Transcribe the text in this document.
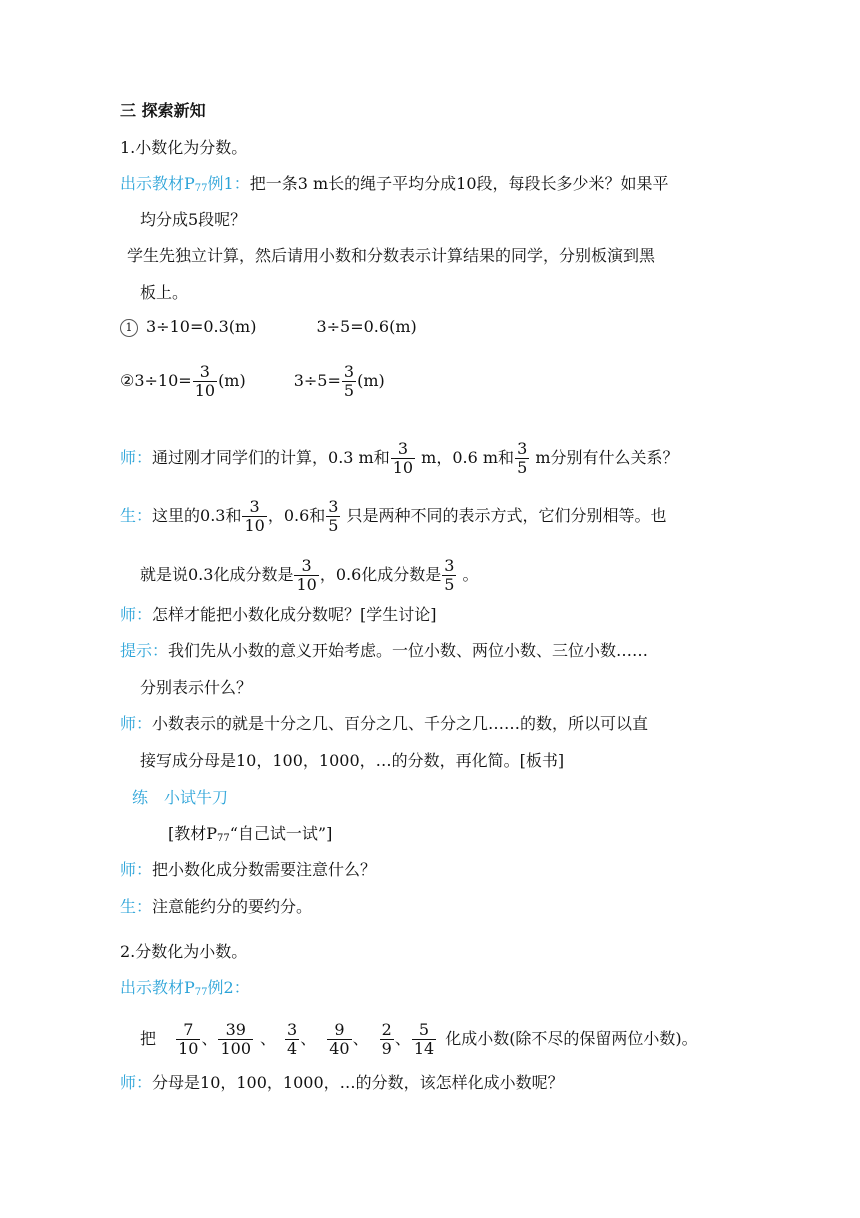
三 探索新知
1.小数化为分数。
出示教材$P_{77}$例1：把一条3 m长的绳子平均分成10段，每段长多少米？如果平
均分成5段呢？
学生先独立计算，然后请用小数和分数表示计算结果的同学，分别板演到黑
板上。
1 3÷10=0.3(m)	3÷5=0.6(m)
②3÷10= $\frac{3}{10} (m)$	$3\div 5= \frac{3}{5} (m)$
师：通过刚才同学们的计算，0.3 m和 $\frac{3}{10}$ m，0.6 m和 $\frac{3}{5}$ m分别有什么关系？
生：这里的0.3和 $\frac{3}{10}$ ，0.6和 $\frac{3}{5}$ 只是两种不同的表示方式，它们分别相等。也
就是说0.3化成分数是 $\frac{3}{10}$ ，0.6化成分数是 $\frac{3}{5}$ 。
师：怎样才能把小数化成分数呢？[学生讨论]
提示：我们先从小数的意义开始考虑。一位小数、两位小数、三位小数……
分别表示什么？
师：小数表示的就是十分之几、百分之几、千分之几……的数，所以可以直
接写成分母是10，100，1000，…的分数，再化简。[板书]
练　小试牛刀
[教材$P_{77}“$自己试一试”]
师：把小数化成分数需要注意什么？
生：注意能约分的要约分。
2.分数化为小数。
出示教材$P_{77}$例2：
把 $\frac{7}{10}$ 、 $\frac{39}{100}$ 、 $\frac{3}{4}$ 、 $\frac{9}{40}$ 、 $\frac{2}{9}$ 、 $\frac{5}{14}$ 化成小数(除不尽的保留两位小数)。
师：分母是10，100，1000，…的分数，该怎样化成小数呢？
